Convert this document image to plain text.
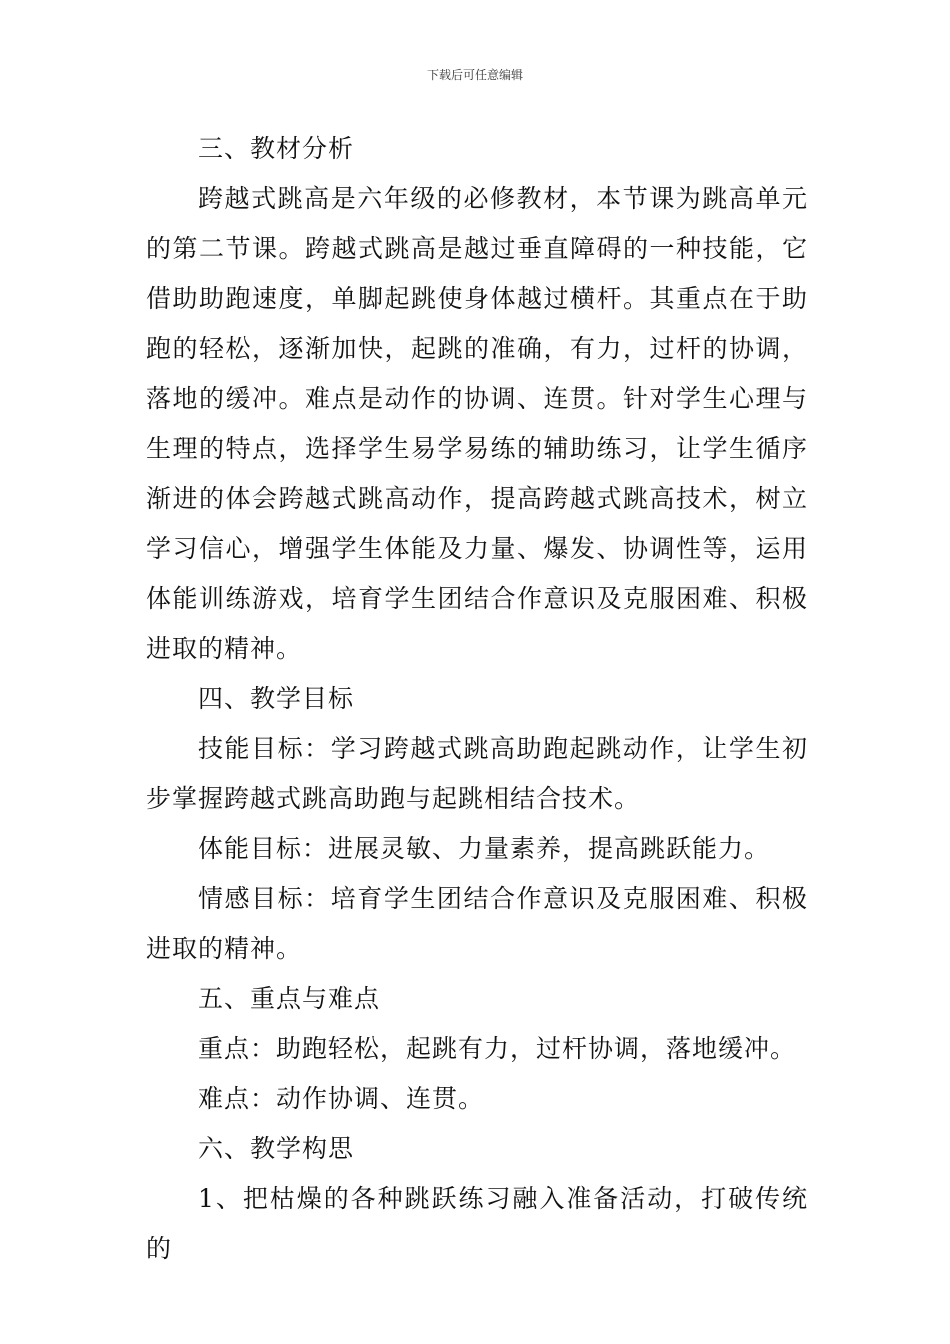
下载后可任意编辑

三、教材分析

跨越式跳高是六年级的必修教材，本节课为跳高单元的第二节课。跨越式跳高是越过垂直障碍的一种技能，它借助助跑速度，单脚起跳使身体越过横杆。其重点在于助跑的轻松，逐渐加快，起跳的准确，有力，过杆的协调，落地的缓冲。难点是动作的协调、连贯。针对学生心理与生理的特点，选择学生易学易练的辅助练习，让学生循序渐进的体会跨越式跳高动作，提高跨越式跳高技术，树立学习信心，增强学生体能及力量、爆发、协调性等，运用体能训练游戏，培育学生团结合作意识及克服困难、积极进取的精神。

四、教学目标

技能目标：学习跨越式跳高助跑起跳动作，让学生初步掌握跨越式跳高助跑与起跳相结合技术。

体能目标：进展灵敏、力量素养，提高跳跃能力。

情感目标：培育学生团结合作意识及克服困难、积极进取的精神。

五、重点与难点

重点：助跑轻松，起跳有力，过杆协调，落地缓冲。

难点：动作协调、连贯。

六、教学构思

1、把枯燥的各种跳跃练习融入准备活动，打破传统的
